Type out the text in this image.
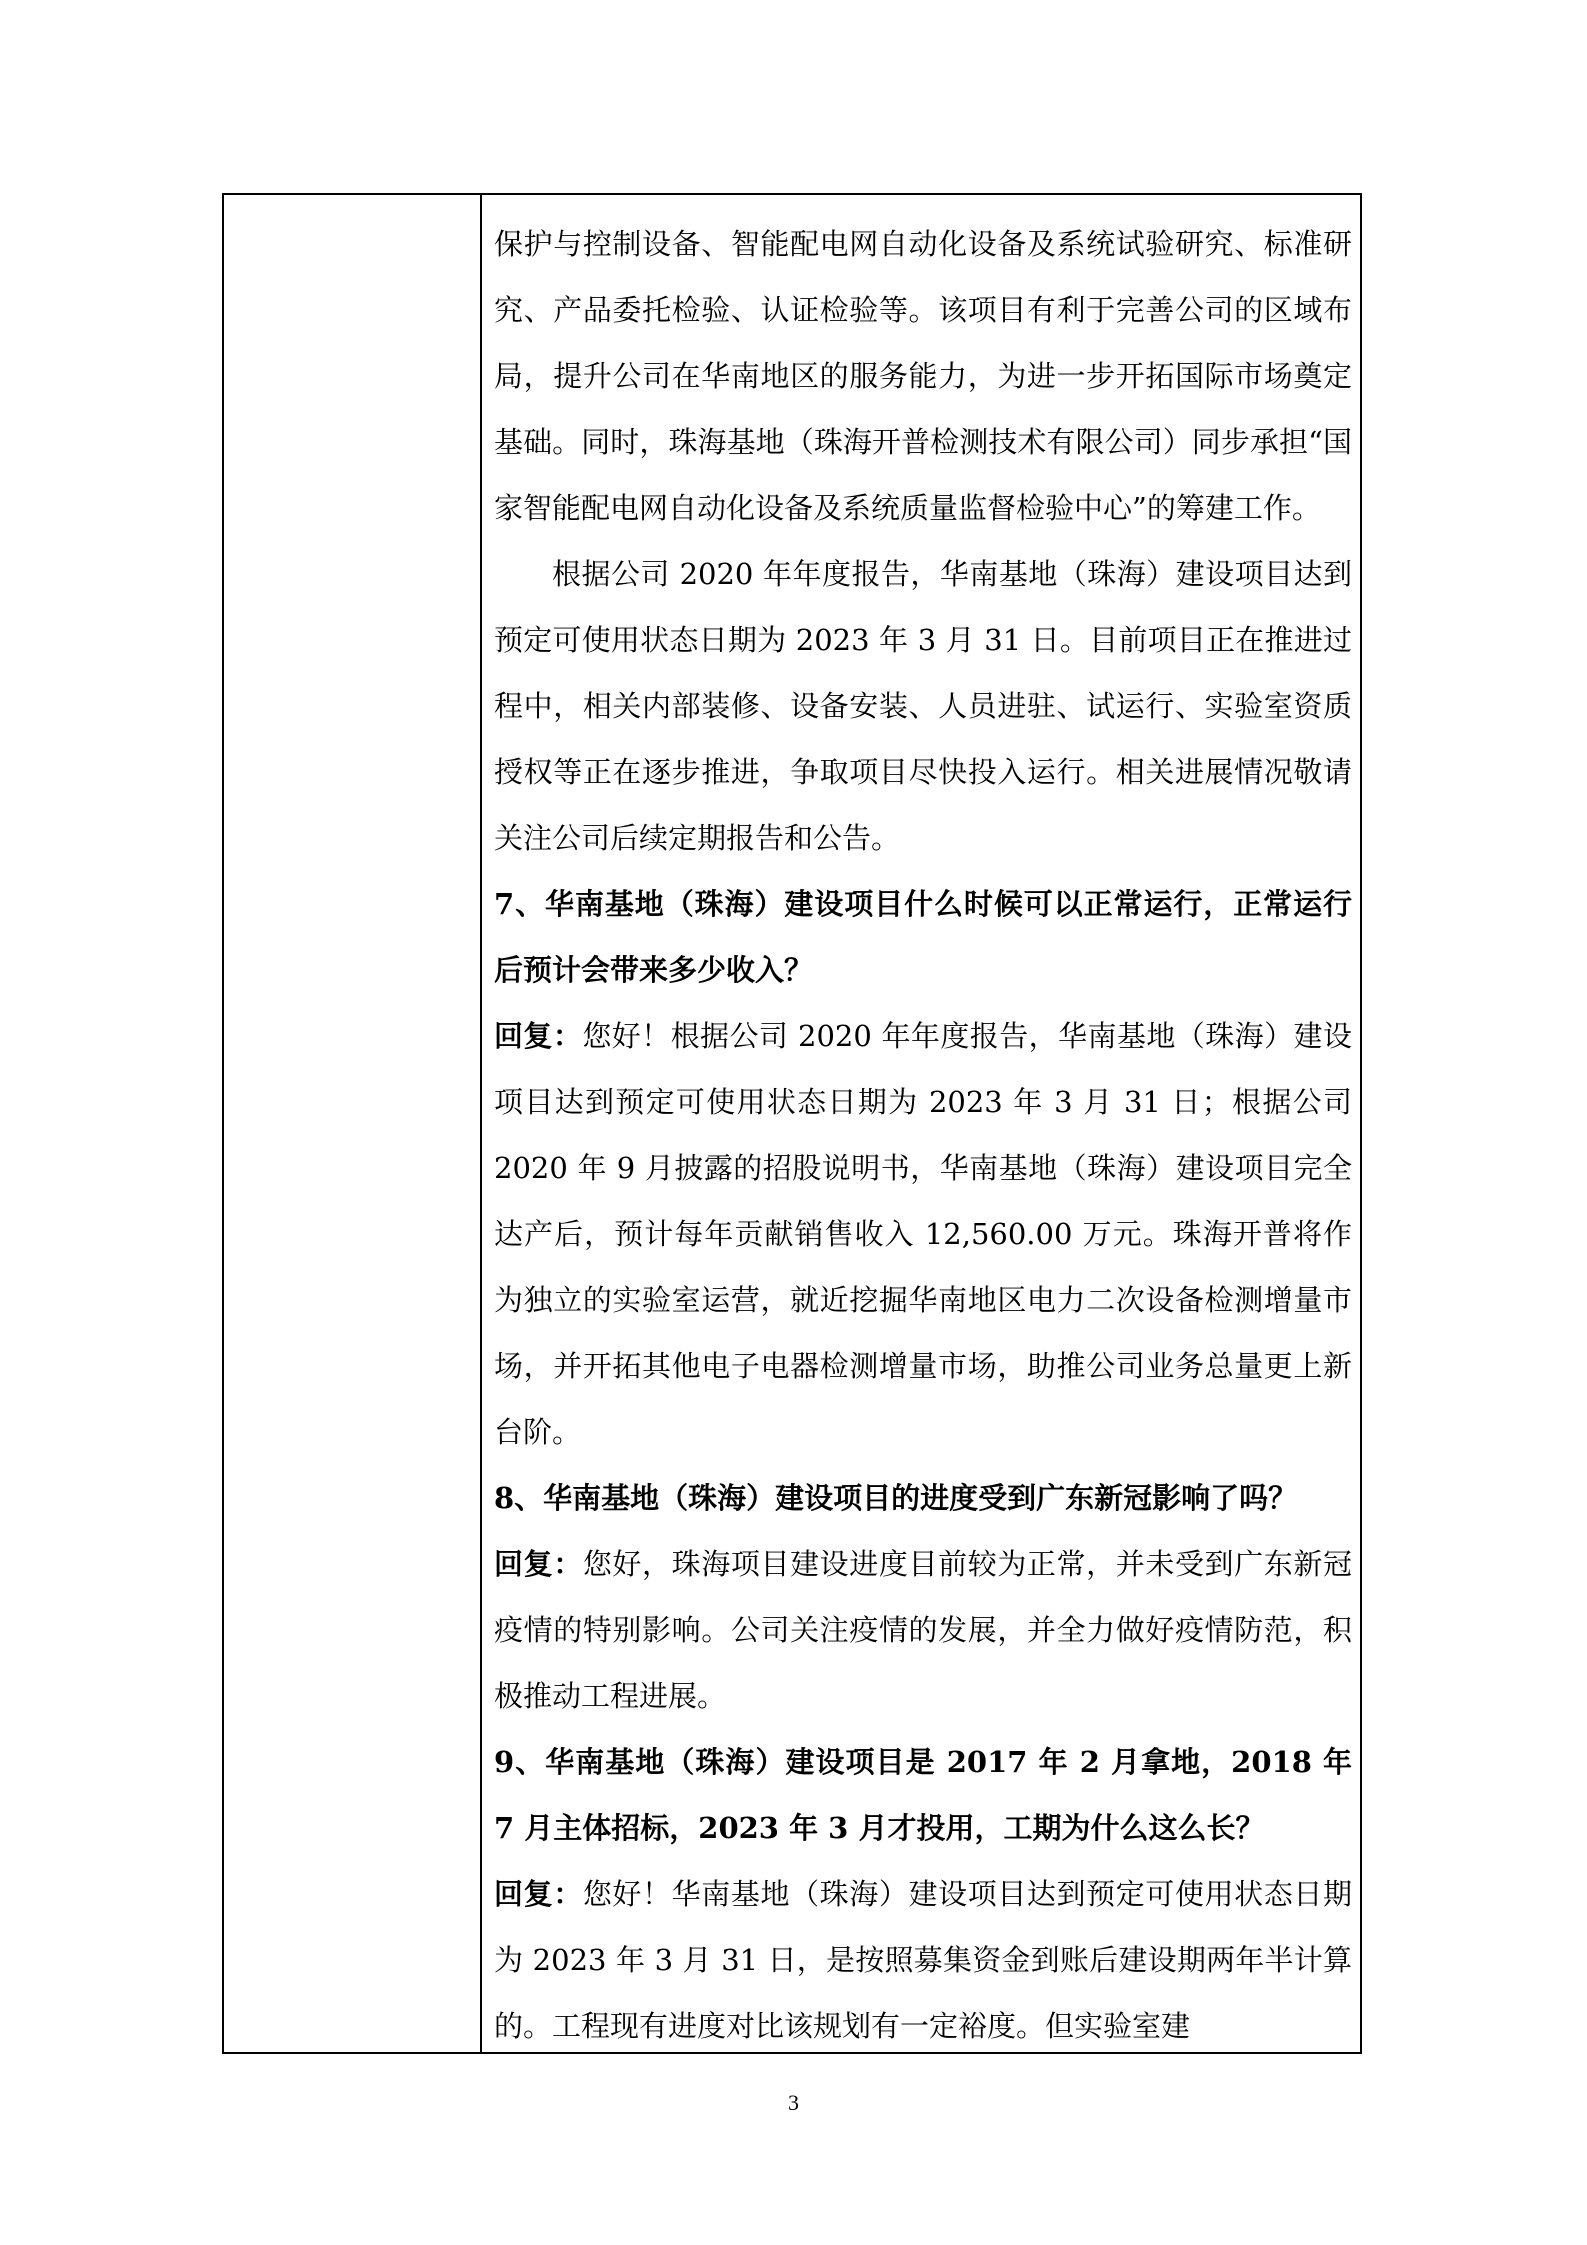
保护与控制设备、智能配电网自动化设备及系统试验研究、标准研究、产品委托检验、认证检验等。该项目有利于完善公司的区域布局，提升公司在华南地区的服务能力，为进一步开拓国际市场奠定基础。同时，珠海基地（珠海开普检测技术有限公司）同步承担“国家智能配电网自动化设备及系统质量监督检验中心”的筹建工作。

根据公司 2020 年年度报告，华南基地（珠海）建设项目达到预定可使用状态日期为 2023 年 3 月 31 日。目前项目正在推进过程中，相关内部装修、设备安装、人员进驻、试运行、实验室资质授权等正在逐步推进，争取项目尽快投入运行。相关进展情况敬请关注公司后续定期报告和公告。

7、华南基地（珠海）建设项目什么时候可以正常运行，正常运行后预计会带来多少收入？

回复：您好！根据公司 2020 年年度报告，华南基地（珠海）建设项目达到预定可使用状态日期为 2023 年 3 月 31 日；根据公司 2020 年 9 月披露的招股说明书，华南基地（珠海）建设项目完全达产后，预计每年贡献销售收入 12,560.00 万元。珠海开普将作为独立的实验室运营，就近挖掘华南地区电力二次设备检测增量市场，并开拓其他电子电器检测增量市场，助推公司业务总量更上新台阶。

8、华南基地（珠海）建设项目的进度受到广东新冠影响了吗？

回复：您好，珠海项目建设进度目前较为正常，并未受到广东新冠疫情的特别影响。公司关注疫情的发展，并全力做好疫情防范，积极推动工程进展。

9、华南基地（珠海）建设项目是 2017 年 2 月拿地，2018 年 7 月主体招标，2023 年 3 月才投用，工期为什么这么长？

回复：您好！华南基地（珠海）建设项目达到预定可使用状态日期为 2023 年 3 月 31 日，是按照募集资金到账后建设期两年半计算的。工程现有进度对比该规划有一定裕度。但实验室建

3
